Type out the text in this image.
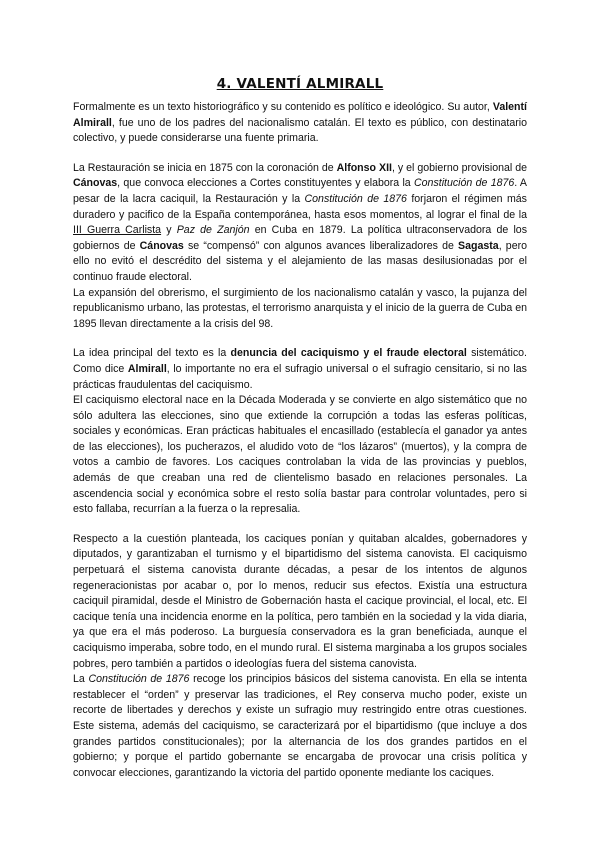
4. VALENTÍ ALMIRALL

Formalmente es un texto historiográfico y su contenido es político e ideológico. Su autor, Valentí Almirall, fue uno de los padres del nacionalismo catalán. El texto es público, con destinatario colectivo, y puede considerarse una fuente primaria.

La Restauración se inicia en 1875 con la coronación de Alfonso XII, y el gobierno provisional de Cánovas, que convoca elecciones a Cortes constituyentes y elabora la Constitución de 1876. A pesar de la lacra caciquil, la Restauración y la Constitución de 1876 forjaron el régimen más duradero y pacifico de la España contemporánea, hasta esos momentos, al lograr el final de la III Guerra Carlista y Paz de Zanjón en Cuba en 1879. La política ultraconservadora de los gobiernos de Cánovas se “compensó” con algunos avances liberalizadores de Sagasta, pero ello no evitó el descrédito del sistema y el alejamiento de las masas desilusionadas por el continuo fraude electoral.

La expansión del obrerismo, el surgimiento de los nacionalismo catalán y vasco, la pujanza del republicanismo urbano, las protestas, el terrorismo anarquista y el inicio de la guerra de Cuba en 1895 llevan directamente a la crisis del 98.

La idea principal del texto es la denuncia del caciquismo y el fraude electoral sistemático. Como dice Almirall, lo importante no era el sufragio universal o el sufragio censitario, si no las prácticas fraudulentas del caciquismo.

El caciquismo electoral nace en la Década Moderada y se convierte en algo sistemático que no sólo adultera las elecciones, sino que extiende la corrupción a todas las esferas políticas, sociales y económicas. Eran prácticas habituales el encasillado (establecía el ganador ya antes de las elecciones), los pucherazos, el aludido voto de “los lázaros” (muertos), y la compra de votos a cambio de favores. Los caciques controlaban la vida de las provincias y pueblos, además de que creaban una red de clientelismo basado en relaciones personales. La ascendencia social y económica sobre el resto solía bastar para controlar voluntades, pero si esto fallaba, recurrían a la fuerza o la represalia.

Respecto a la cuestión planteada, los caciques ponían y quitaban alcaldes, gobernadores y diputados, y garantizaban el turnismo y el bipartidismo del sistema canovista. El caciquismo perpetuará el sistema canovista durante décadas, a pesar de los intentos de algunos regeneracionistas por acabar o, por lo menos, reducir sus efectos. Existía una estructura caciquil piramidal, desde el Ministro de Gobernación hasta el cacique provincial, el local, etc. El cacique tenía una incidencia enorme en la política, pero también en la sociedad y la vida diaria, ya que era el más poderoso. La burguesía conservadora es la gran beneficiada, aunque el caciquismo imperaba, sobre todo, en el mundo rural. El sistema marginaba a los grupos sociales pobres, pero también a partidos o ideologías fuera del sistema canovista.

La Constitución de 1876 recoge los principios básicos del sistema canovista. En ella se intenta restablecer el “orden” y preservar las tradiciones, el Rey conserva mucho poder, existe un recorte de libertades y derechos y existe un sufragio muy restringido entre otras cuestiones. Este sistema, además del caciquismo, se caracterizará por el bipartidismo (que incluye a dos grandes partidos constitucionales); por la alternancia de los dos grandes partidos en el gobierno; y porque el partido gobernante se encargaba de provocar una crisis política y convocar elecciones, garantizando la victoria del partido oponente mediante los caciques.
